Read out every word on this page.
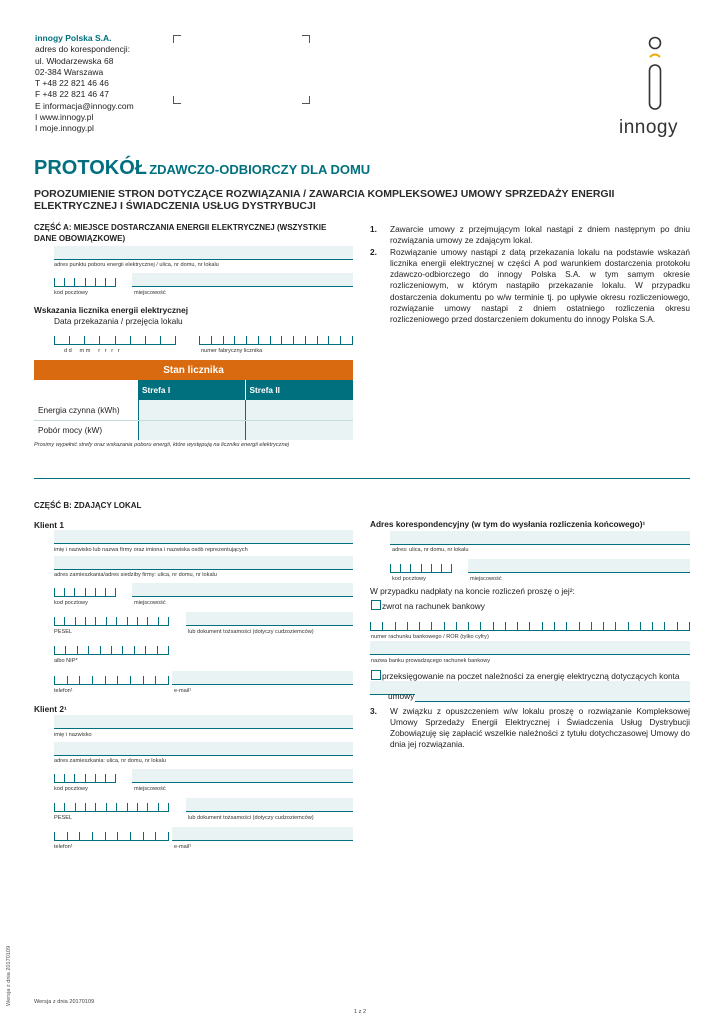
innogy Polska S.A.
adres do korespondencji:
ul. Włodarzewska 68
02-384 Warszawa
T +48 22 821 46 46
F +48 22 821 46 47
E informacja@innogy.com
I www.innogy.pl
I moje.innogy.pl	innogy
PROTOKÓŁ ZDAWCZO-ODBIORCZY DLA DOMU
POROZUMIENIE STRON DOTYCZĄCE ROZWIĄZANIA / ZAWARCIA KOMPLEKSOWEJ UMOWY SPRZEDAŻY ENERGII ELEKTRYCZNEJ I ŚWIADCZENIA USŁUG DYSTRYBUCJI
CZĘŚĆ A: MIEJSCE DOSTARCZANIA ENERGII ELEKTRYCZNEJ (WSZYSTKIE DANE OBOWIĄZKOWE)
adres punktu poboru energii elektrycznej / ulica, nr domu, nr lokalu
kod pocztowy	miejscowość
Wskazania licznika energii elektrycznej
Data przekazania / przejęcia lokalu
d d     m m     r   r   r   r	numer fabryczny licznika
Stan licznika		
	Strefa I	Strefa II
Energia czynna (kWh)		
Pobór mocy (kW)		
Prosimy wypełnić strefy oraz wskazania poboru energii, które występują na liczniku energii elektrycznej
1.	Zawarcie umowy z przejmującym lokal nastąpi z dniem następnym po dniu rozwiązania umowy ze zdającym lokal.
2.	Rozwiązanie umowy nastąpi z datą przekazania lokalu na podstawie wskazań licznika energii elektrycznej w części A pod warunkiem dostarczenia protokołu zdawczo-odbiorczego do innogy Polska S.A. w tym samym okresie rozliczeniowym, w którym nastąpiło przekazanie lokalu. W przypadku dostarczenia dokumentu po w/w terminie tj. po upływie okresu rozliczeniowego, rozwiązanie umowy nastąpi z dniem ostatniego rozliczenia okresu rozliczeniowego przed dostarczeniem dokumentu do innogy Polska S.A.
CZĘŚĆ B: ZDAJĄCY LOKAL
Klient 1
imię i nazwisko lub nazwa firmy oraz imiona i nazwiska osób reprezentujących
adres zamieszkania/adres siedziby firmy: ulica, nr domu, nr lokalu
kod pocztowy	miejscowość
PESEL	lub dokument tożsamości (dotyczy cudzoziemców)
albo NIP*
telefon¹	e-mail¹
Klient 2¹
imię i nazwisko
adres zamieszkania: ulica, nr domu, nr lokalu
kod pocztowy	miejscowość
PESEL	lub dokument tożsamości (dotyczy cudzoziemców)
telefon¹	e-mail¹
Adres korespondencyjny (w tym do wysłania rozliczenia końcowego)¹
adres: ulica, nr domu, nr lokalu
kod pocztowy	miejscowość
W przypadku nadpłaty na koncie rozliczeń proszę o jej²:
zwrot na rachunek bankowy
numer rachunku bankowego / ROR (tylko cyfry)
nazwa banku prowadzącego rachunek bankowy
przeksięgowanie na poczet należności za energię elektryczną dotyczących konta
umowy
3.	W związku z opuszczeniem w/w lokalu proszę o rozwiązanie Kompleksowej Umowy Sprzedaży Energii Elektrycznej i Świadczenia Usług Dystrybucji Zobowiązuję się zapłacić wszelkie należności z tytułu dotychczasowej Umowy do dnia jej rozwiązania.
Wersja z dnia 20170109
1 z 2
Wersja z dnia 20170109
